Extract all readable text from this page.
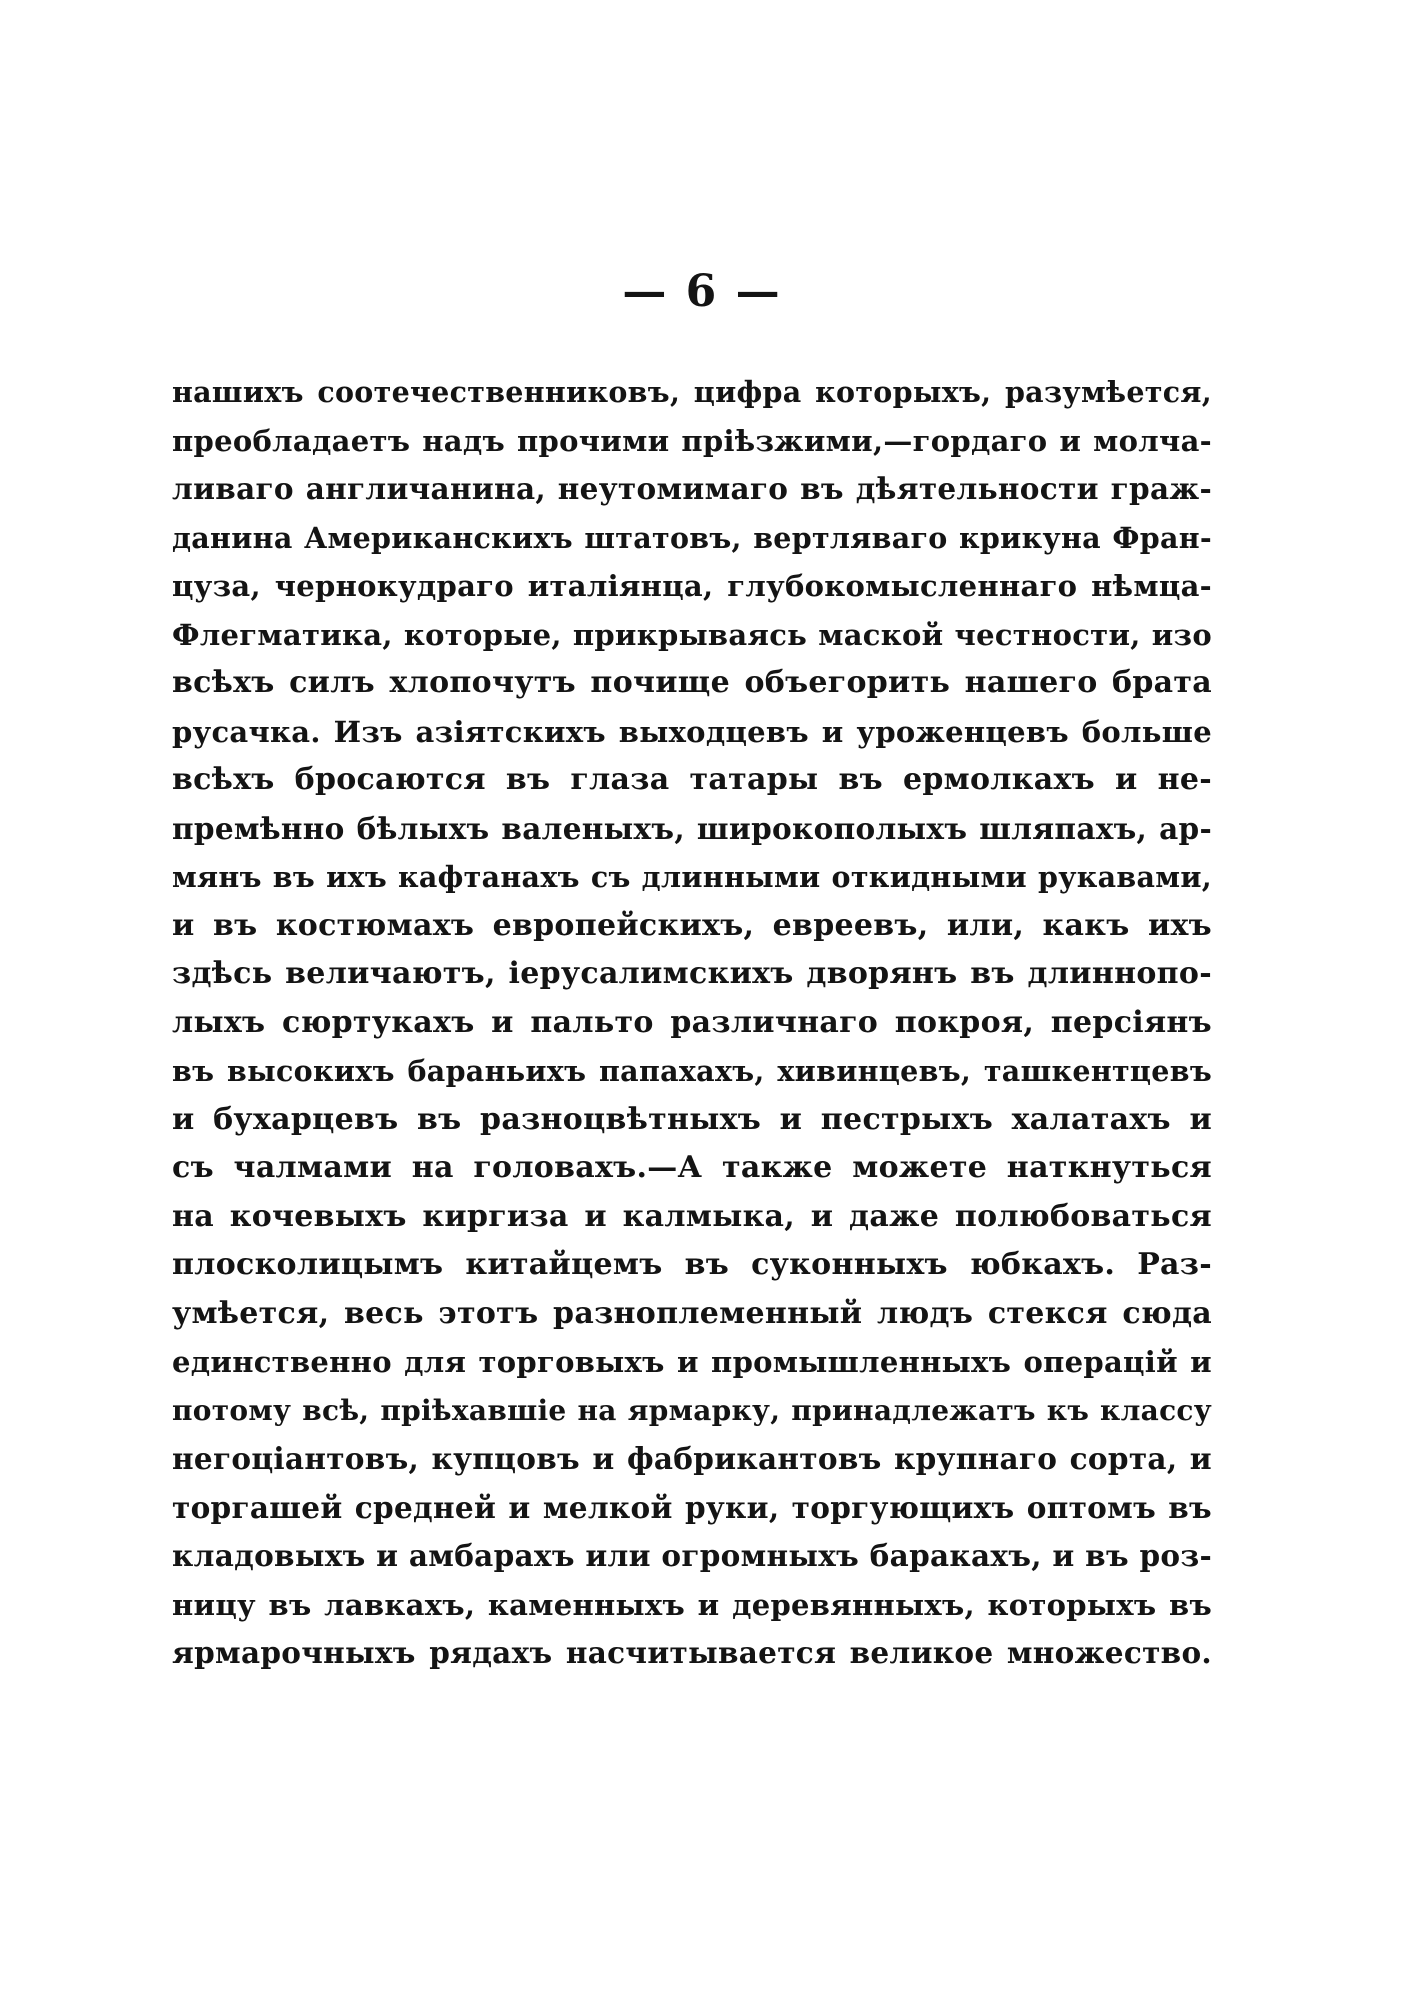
— 6 —
нашихъ соотечественниковъ, цифра которыхъ, разумѣется,
преобладаетъ надъ прочими пріѣзжими,—гордаго и молча-
ливаго англичанина, неутомимаго въ дѣятельности граж-
данина Американскихъ штатовъ, вертляваго крикуна Фран-
цуза, чернокудраго италіянца, глубокомысленнаго нѣмца-
Флегматика, которые, прикрываясь маской честности, изо
всѣхъ силъ хлопочутъ почище объегорить нашего брата
русачка. Изъ азіятскихъ выходцевъ и уроженцевъ больше
всѣхъ бросаются въ глаза татары въ ермолкахъ и не-
премѣнно бѣлыхъ валеныхъ, широкополыхъ шляпахъ, ар-
мянъ въ ихъ кафтанахъ съ длинными откидными рукавами,
и въ костюмахъ европейскихъ, евреевъ, или, какъ ихъ
здѣсь величаютъ, іерусалимскихъ дворянъ въ длиннопо-
лыхъ сюртукахъ и пальто различнаго покроя, персіянъ
въ высокихъ бараньихъ папахахъ, хивинцевъ, ташкентцевъ
и бухарцевъ въ разноцвѣтныхъ и пестрыхъ халатахъ и
съ чалмами на головахъ.—А также можете наткнуться
на кочевыхъ киргиза и калмыка, и даже полюбоваться
плосколицымъ китайцемъ въ суконныхъ юбкахъ. Раз-
умѣется, весь этотъ разноплеменный людъ стекся сюда
единственно для торговыхъ и промышленныхъ операцій и
потому всѣ, пріѣхавшіе на ярмарку, принадлежатъ къ классу
негоціантовъ, купцовъ и фабрикантовъ крупнаго сорта, и
торгашей средней и мелкой руки, торгующихъ оптомъ въ
кладовыхъ и амбарахъ или огромныхъ баракахъ, и въ роз-
ницу въ лавкахъ, каменныхъ и деревянныхъ, которыхъ въ
ярмарочныхъ рядахъ насчитывается великое множество.
